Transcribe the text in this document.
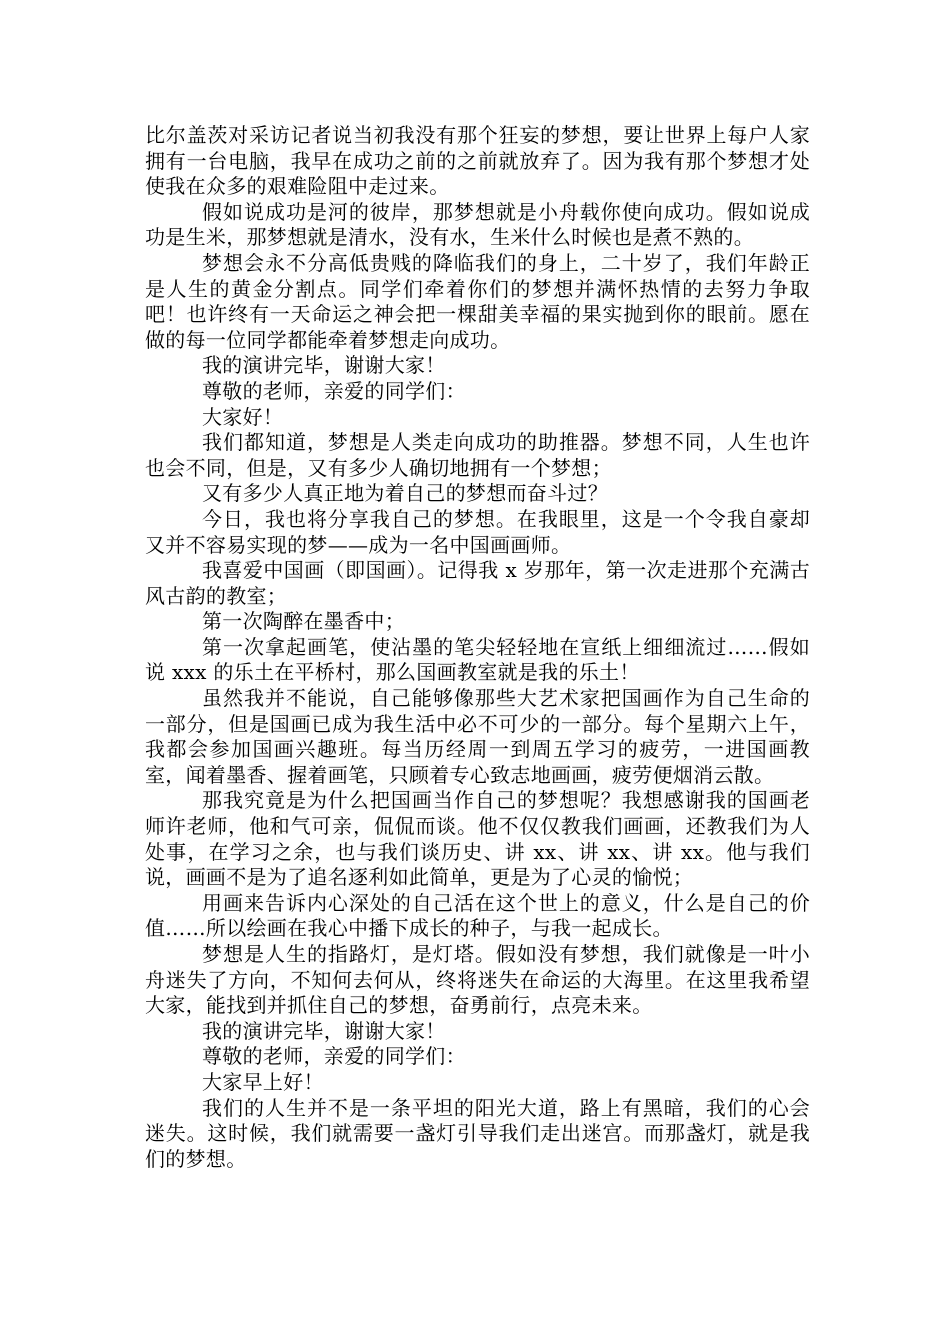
比尔盖茨对采访记者说当初我没有那个狂妄的梦想，要让世界上每户人家拥有一台电脑，我早在成功之前的之前就放弃了。因为我有那个梦想才处使我在众多的艰难险阻中走过来。

假如说成功是河的彼岸，那梦想就是小舟载你使向成功。假如说成功是生米，那梦想就是清水，没有水，生米什么时候也是煮不熟的。

梦想会永不分高低贵贱的降临我们的身上，二十岁了，我们年龄正是人生的黄金分割点。同学们牵着你们的梦想并满怀热情的去努力争取吧！也许终有一天命运之神会把一棵甜美幸福的果实抛到你的眼前。愿在做的每一位同学都能牵着梦想走向成功。

我的演讲完毕，谢谢大家！

尊敬的老师，亲爱的同学们：

大家好！

我们都知道，梦想是人类走向成功的助推器。梦想不同，人生也许也会不同，但是，又有多少人确切地拥有一个梦想；

又有多少人真正地为着自己的梦想而奋斗过？

今日，我也将分享我自己的梦想。在我眼里，这是一个令我自豪却又并不容易实现的梦——成为一名中国画画师。

我喜爱中国画（即国画）。记得我 x 岁那年，第一次走进那个充满古风古韵的教室；

第一次陶醉在墨香中；

第一次拿起画笔，使沾墨的笔尖轻轻地在宣纸上细细流过……假如说 xxx 的乐土在平桥村，那么国画教室就是我的乐土！

虽然我并不能说，自己能够像那些大艺术家把国画作为自己生命的一部分，但是国画已成为我生活中必不可少的一部分。每个星期六上午，我都会参加国画兴趣班。每当历经周一到周五学习的疲劳，一进国画教室，闻着墨香、握着画笔，只顾着专心致志地画画，疲劳便烟消云散。

那我究竟是为什么把国画当作自己的梦想呢？我想感谢我的国画老师许老师，他和气可亲，侃侃而谈。他不仅仅教我们画画，还教我们为人处事，在学习之余，也与我们谈历史、讲 xx、讲 xx、讲 xx。他与我们说，画画不是为了追名逐利如此简单，更是为了心灵的愉悦；

用画来告诉内心深处的自己活在这个世上的意义，什么是自己的价值……所以绘画在我心中播下成长的种子，与我一起成长。

梦想是人生的指路灯，是灯塔。假如没有梦想，我们就像是一叶小舟迷失了方向，不知何去何从，终将迷失在命运的大海里。在这里我希望大家，能找到并抓住自己的梦想，奋勇前行，点亮未来。

我的演讲完毕，谢谢大家！

尊敬的老师，亲爱的同学们：

大家早上好！

我们的人生并不是一条平坦的阳光大道，路上有黑暗，我们的心会迷失。这时候，我们就需要一盏灯引导我们走出迷宫。而那盏灯，就是我们的梦想。
